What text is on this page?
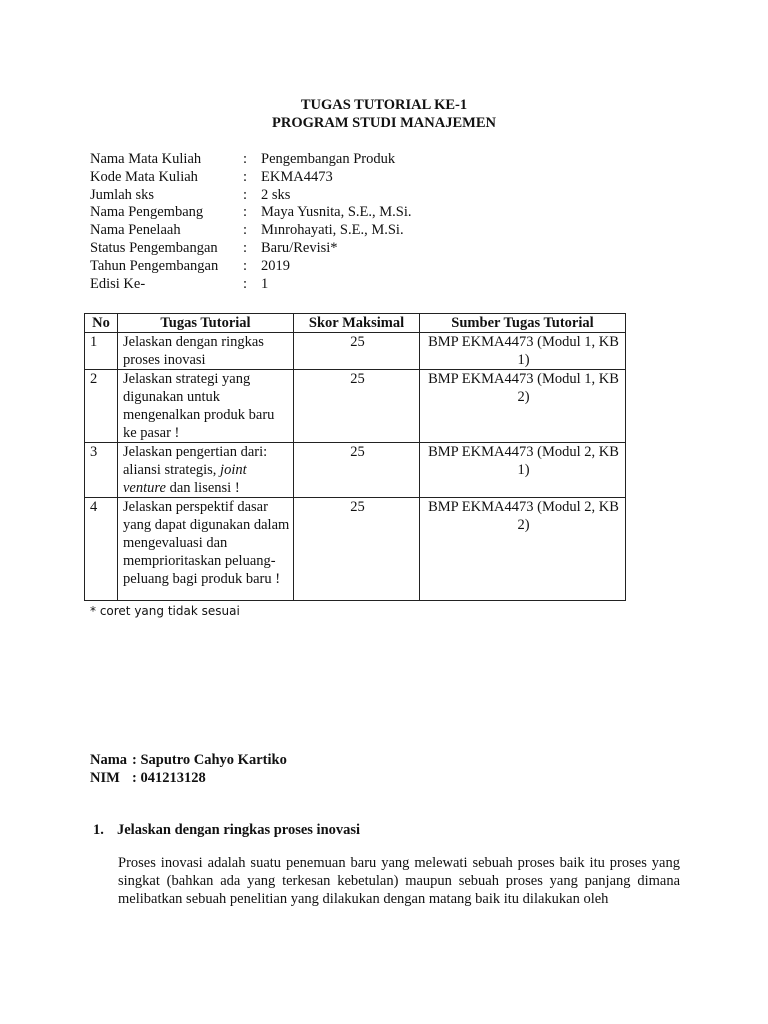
TUGAS TUTORIAL KE-1
PROGRAM STUDI MANAJEMEN
Nama Mata Kuliah	: Pengembangan Produk
Kode Mata Kuliah	: EKMA4473
Jumlah sks	: 2 sks
Nama Pengembang	: Maya Yusnita, S.E., M.Si.
Nama Penelaah	: Mınrohayati, S.E., M.Si.
Status Pengembangan	: Baru/Revisi*
Tahun Pengembangan	: 2019
Edisi Ke-	: 1
No	Tugas Tutorial	Skor Maksimal	Sumber Tugas Tutorial
1	Jelaskan dengan ringkas proses inovasi	25	BMP EKMA4473 (Modul 1, KB 1)
2	Jelaskan strategi yang digunakan untuk mengenalkan produk baru ke pasar !	25	BMP EKMA4473 (Modul 1, KB 2)
3	Jelaskan pengertian dari: aliansi strategis, joint venture dan lisensi !	25	BMP EKMA4473 (Modul 2, KB 1)
4	Jelaskan perspektif dasar yang dapat digunakan dalam mengevaluasi dan memprioritaskan peluang-peluang bagi produk baru !	25	BMP EKMA4473 (Modul 2, KB 2)
* coret yang tidak sesuai
Nama : Saputro Cahyo Kartiko
NIM : 041213128
1. Jelaskan dengan ringkas proses inovasi
Proses inovasi adalah suatu penemuan baru yang melewati sebuah proses baik itu proses yang singkat (bahkan ada yang terkesan kebetulan) maupun sebuah proses yang panjang dimana melibatkan sebuah penelitian yang dilakukan dengan matang baik itu dilakukan oleh
